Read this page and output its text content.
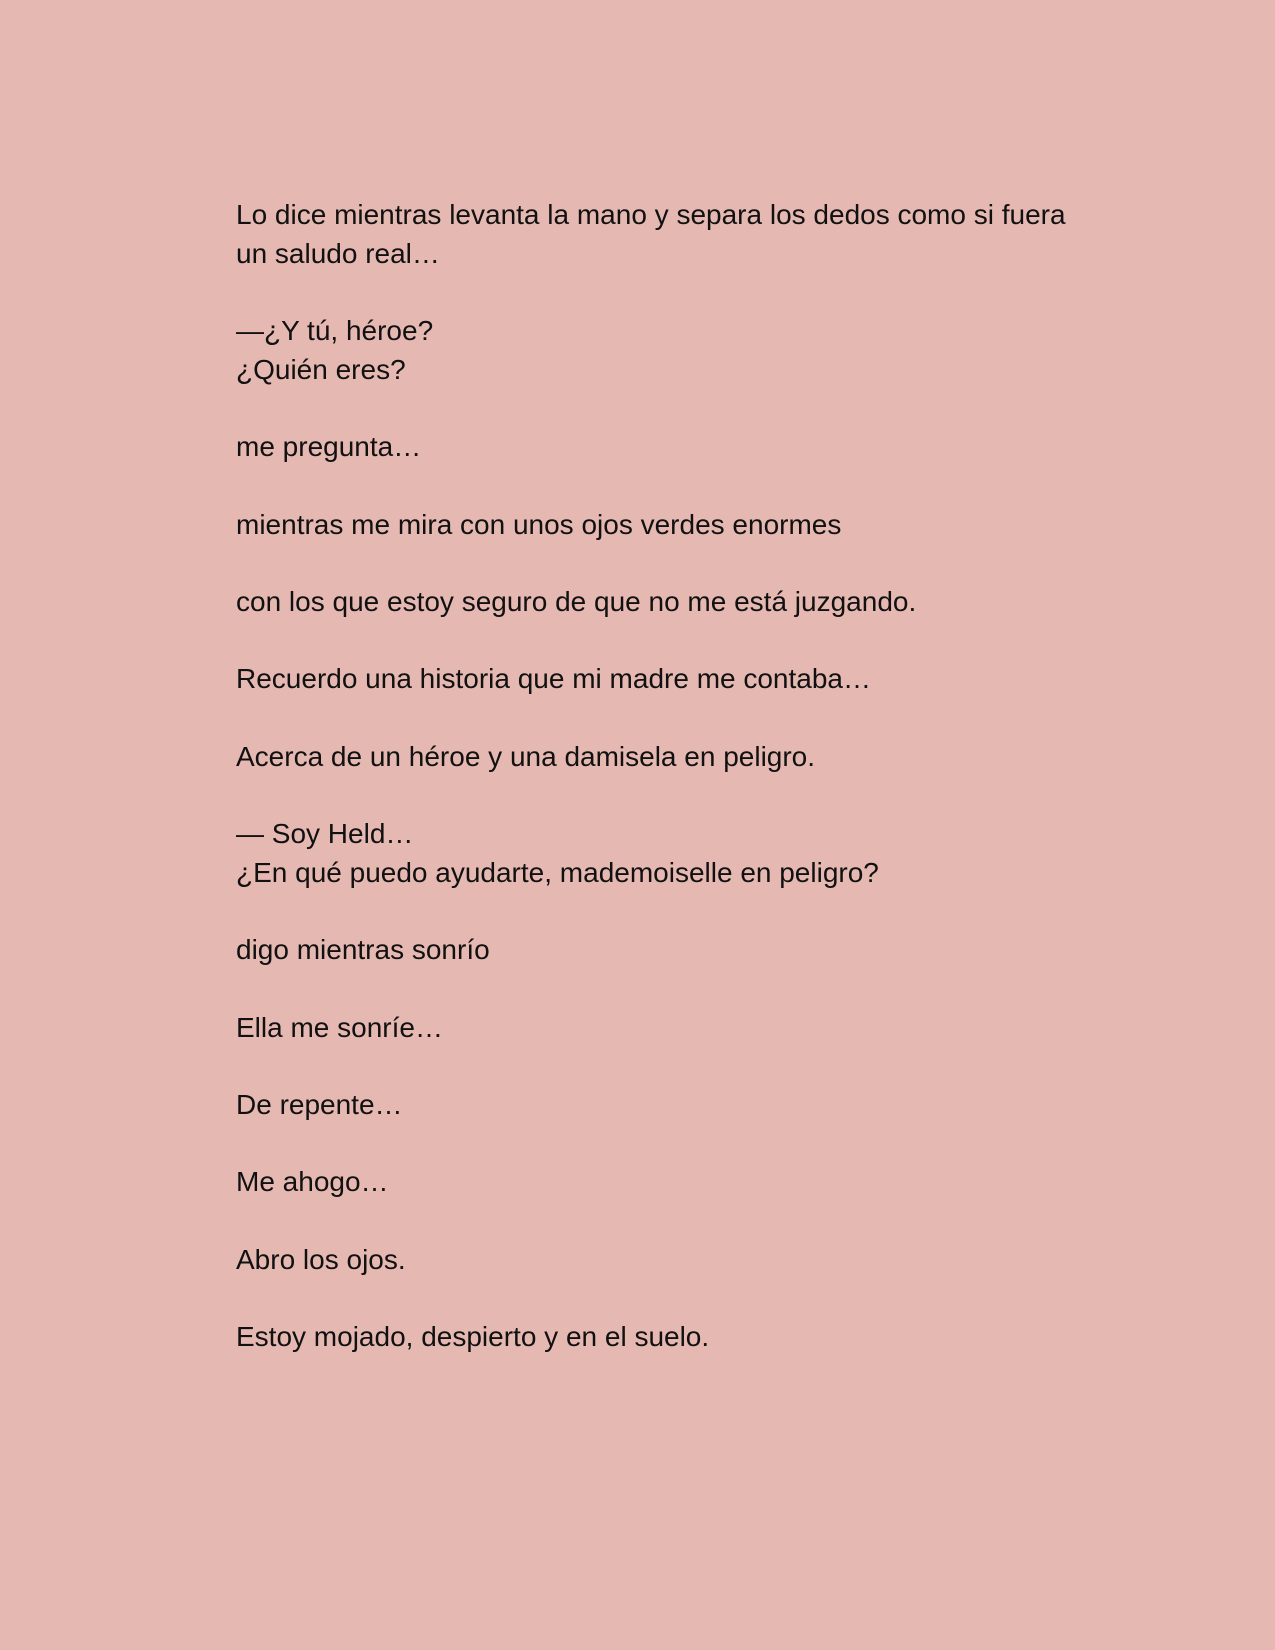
Lo dice mientras levanta la mano y separa los dedos como si fuera
un saludo real…

—¿Y tú, héroe?
¿Quién eres?

me pregunta…

mientras me mira con unos ojos verdes enormes

con los que estoy seguro de que no me está juzgando.

Recuerdo una historia que mi madre me contaba…

Acerca de un héroe y una damisela en peligro.

— Soy Held…
¿En qué puedo ayudarte, mademoiselle en peligro?

digo mientras sonrío

Ella me sonríe…

De repente…

Me ahogo…

Abro los ojos.

Estoy mojado, despierto y en el suelo.
